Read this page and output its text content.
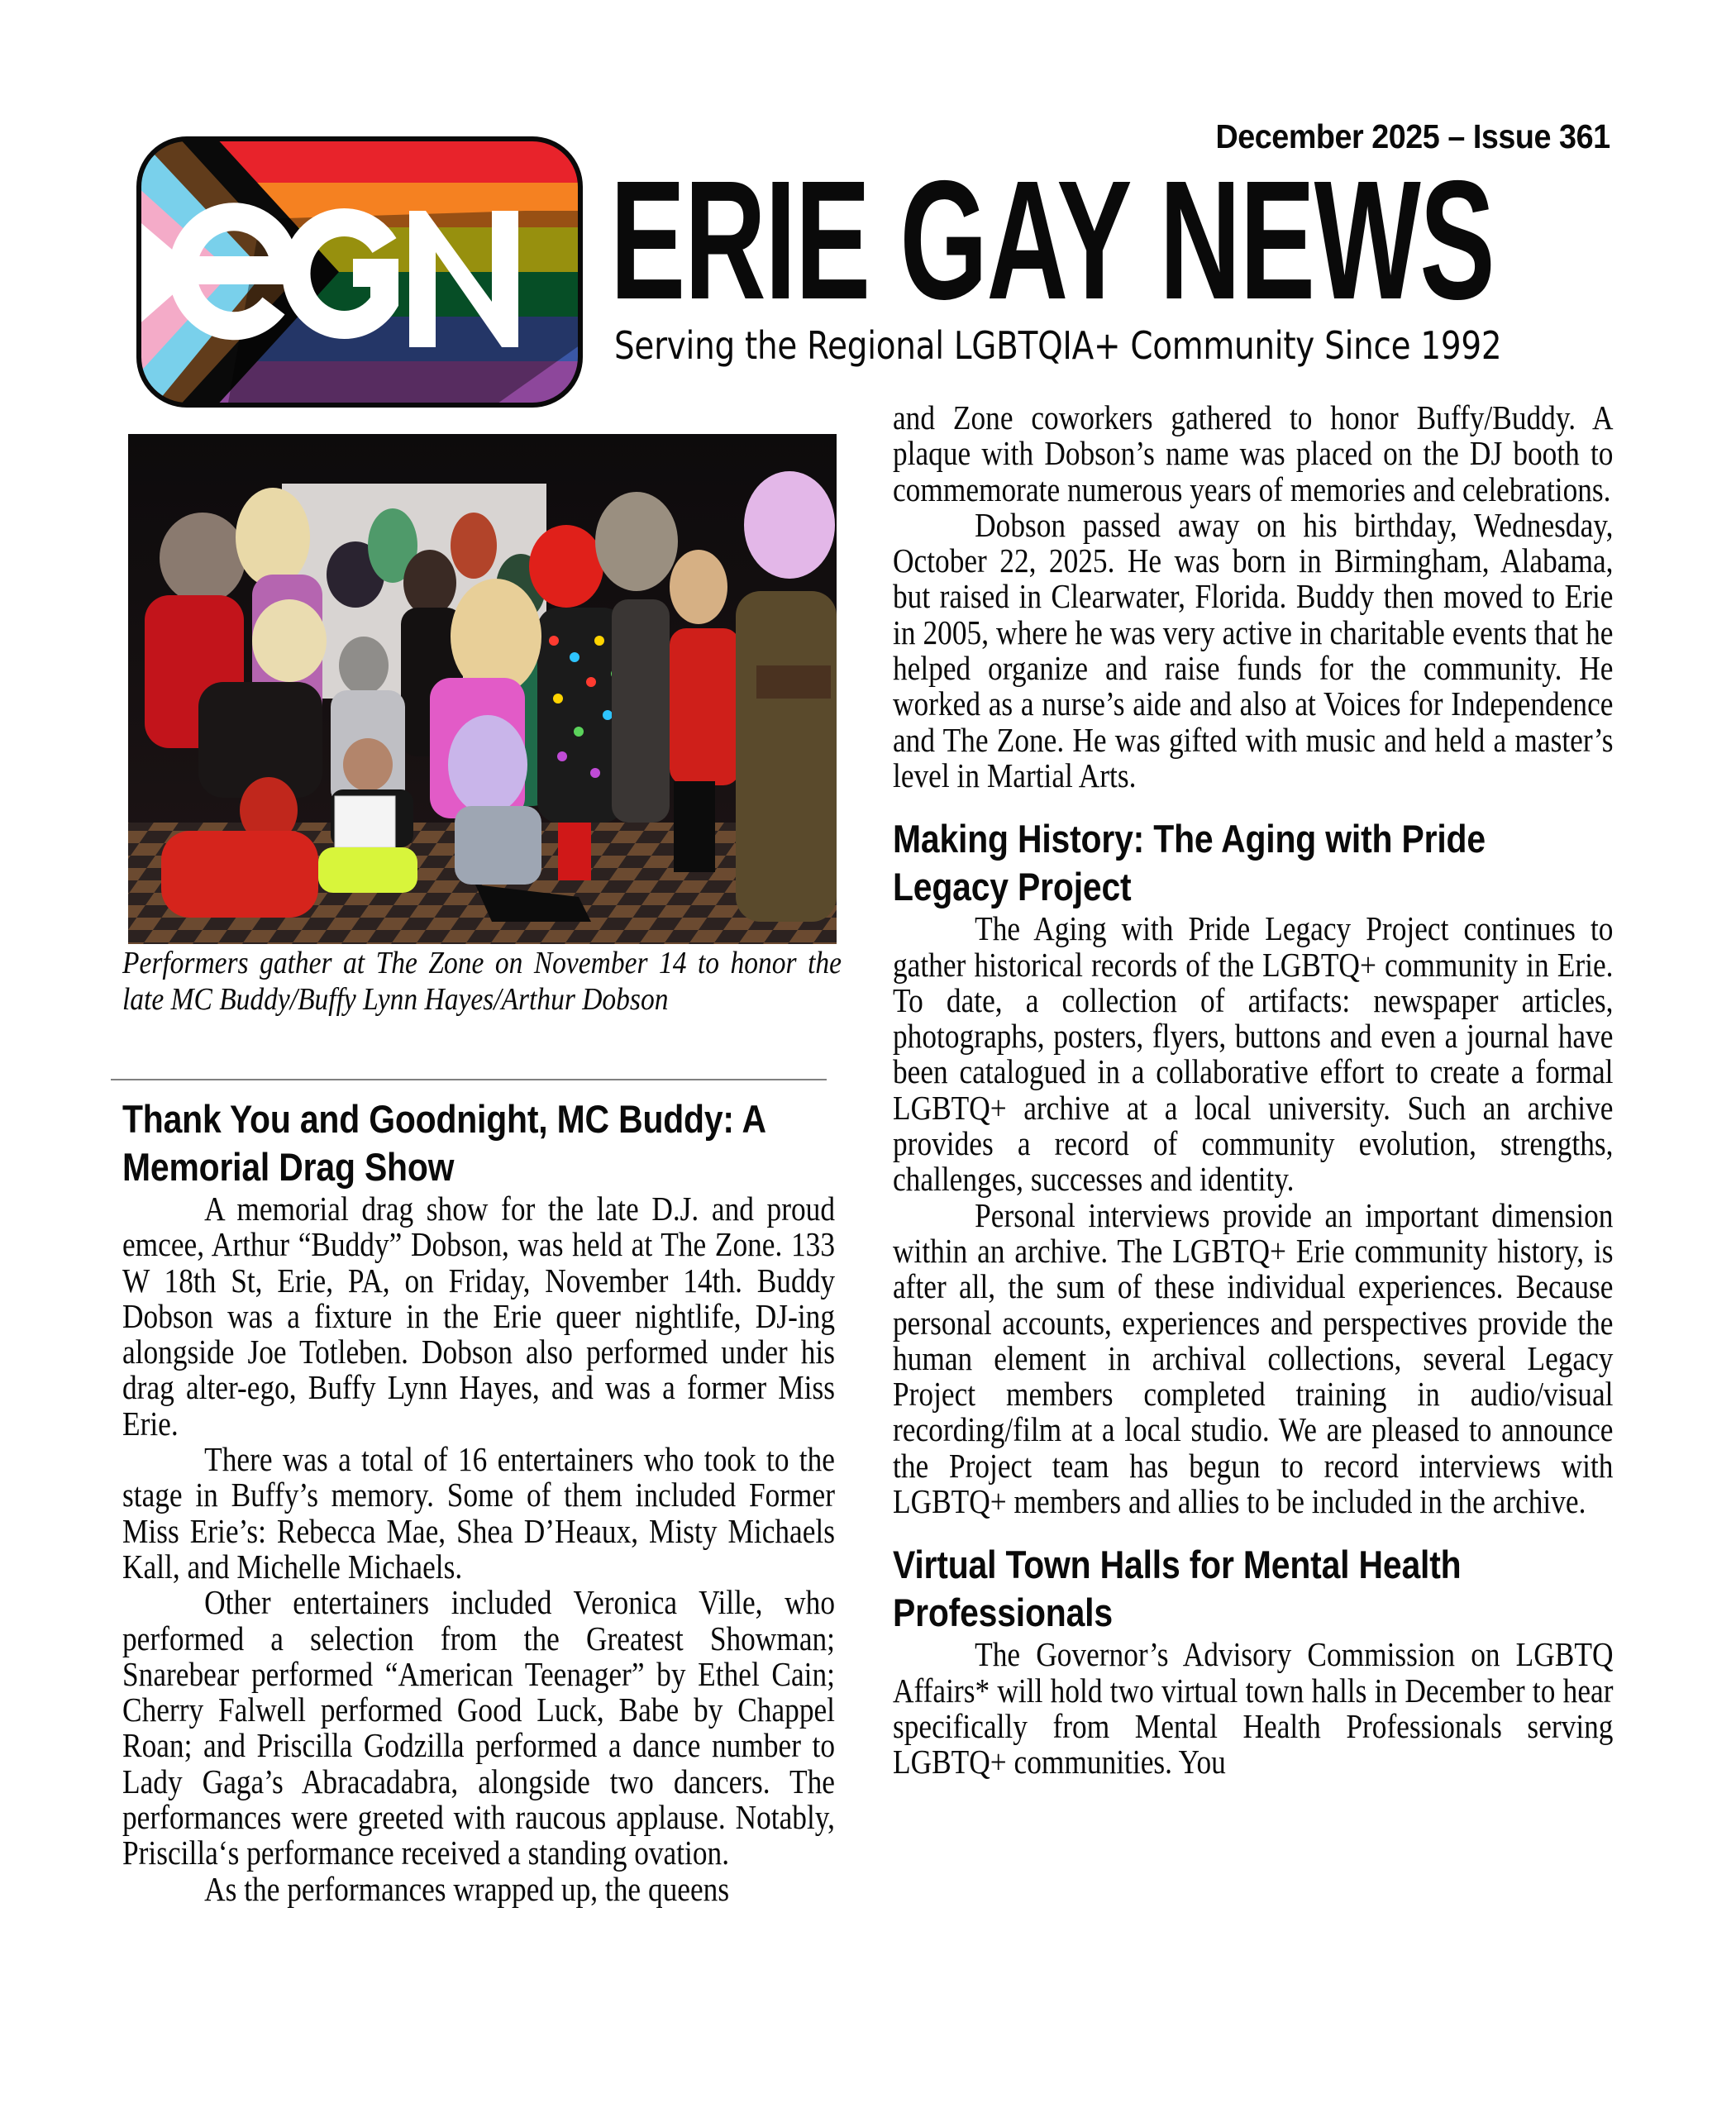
December 2025 – Issue 361
ERIE GAY NEWS
Serving the Regional LGBTQIA+ Community Since 1992
Performers gather at The Zone on November 14 to honor the late MC Buddy/Buffy Lynn Hayes/Arthur Dobson
Thank You and Goodnight, MC Buddy: A Memorial Drag Show

A memorial drag show for the late D.J. and proud emcee, Arthur “Buddy” Dobson, was held at The Zone. 133 W 18th St, Erie, PA, on Friday, November 14th. Buddy Dobson was a fixture in the Erie queer nightlife, DJ-ing alongside Joe Totleben. Dobson also performed under his drag alter-ego, Buffy Lynn Hayes, and was a former Miss Erie.

There was a total of 16 entertainers who took to the stage in Buffy’s memory. Some of them included Former Miss Erie’s: Rebecca Mae, Shea D’Heaux, Misty Michaels Kall, and Michelle Michaels.

Other entertainers included Veronica Ville, who performed a selection from the Greatest Showman; Snarebear performed “American Teenager” by Ethel Cain; Cherry Falwell performed Good Luck, Babe by Chappel Roan; and Priscilla Godzilla performed a dance number to Lady Gaga’s Abracadabra, alongside two dancers. The performances were greeted with raucous applause. Notably, Priscilla‘s performance received a standing ovation.

As the performances wrapped up, the queens

and Zone coworkers gathered to honor Buffy/Buddy. A plaque with Dobson’s name was placed on the DJ booth to commemorate numerous years of memories and celebrations.

Dobson passed away on his birthday, Wednesday, October 22, 2025. He was born in Birmingham, Alabama, but raised in Clearwater, Florida. Buddy then moved to Erie in 2005, where he was very active in charitable events that he helped organize and raise funds for the community. He worked as a nurse’s aide and also at Voices for Independence and The Zone. He was gifted with music and held a master’s level in Martial Arts.

Making History: The Aging with Pride Legacy Project

The Aging with Pride Legacy Project continues to gather historical records of the LGBTQ+ community in Erie. To date, a collection of artifacts: newspaper articles, photographs, posters, flyers, buttons and even a journal have been catalogued in a collaborative effort to create a formal LGBTQ+ archive at a local university. Such an archive provides a record of community evolution, strengths, challenges, successes and identity.

Personal interviews provide an important dimension within an archive. The LGBTQ+ Erie community history, is after all, the sum of these individual experiences. Because personal accounts, experiences and perspectives provide the human element in archival collections, several Legacy Project members completed training in audio/visual recording/film at a local studio. We are pleased to announce the Project team has begun to record interviews with LGBTQ+ members and allies to be included in the archive.

Virtual Town Halls for Mental Health Professionals

The Governor’s Advisory Commission on LGBTQ Affairs* will hold two virtual town halls in December to hear specifically from Mental Health Professionals serving LGBTQ+ communities. You
